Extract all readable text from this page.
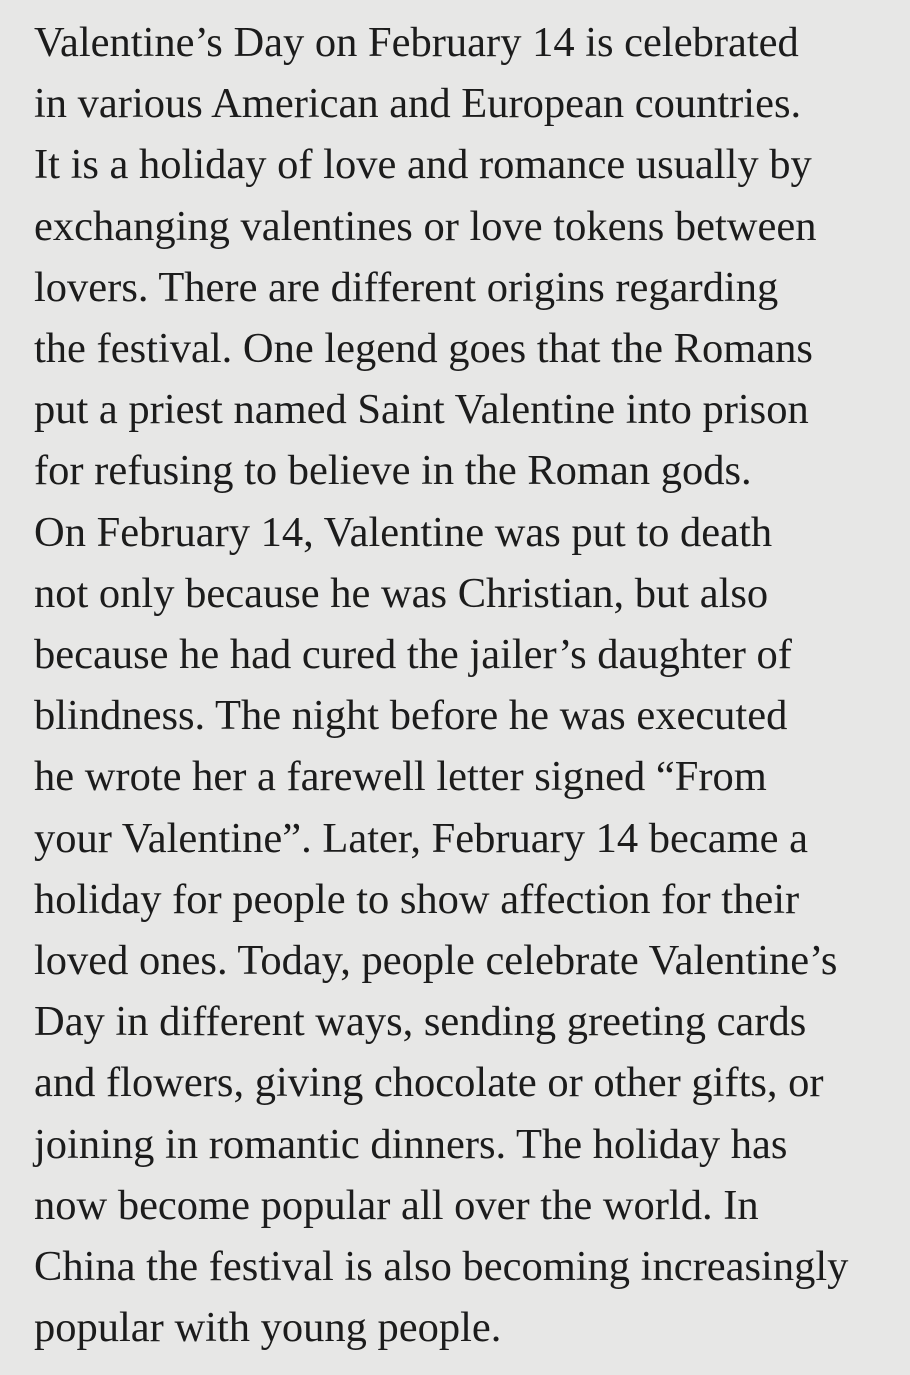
Valentine’s Day on February 14 is celebrated
in various American and European countries.
It is a holiday of love and romance usually by
exchanging valentines or love tokens between
lovers. There are different origins regarding
the festival. One legend goes that the Romans
put a priest named Saint Valentine into prison
for refusing to believe in the Roman gods.
On February 14, Valentine was put to death
not only because he was Christian, but also
because he had cured the jailer’s daughter of
blindness. The night before he was executed
he wrote her a farewell letter signed “From
your Valentine”. Later, February 14 became a
holiday for people to show affection for their
loved ones. Today, people celebrate Valentine’s
Day in different ways, sending greeting cards
and flowers, giving chocolate or other gifts, or
joining in romantic dinners. The holiday has
now become popular all over the world. In
China the festival is also becoming increasingly
popular with young people.
